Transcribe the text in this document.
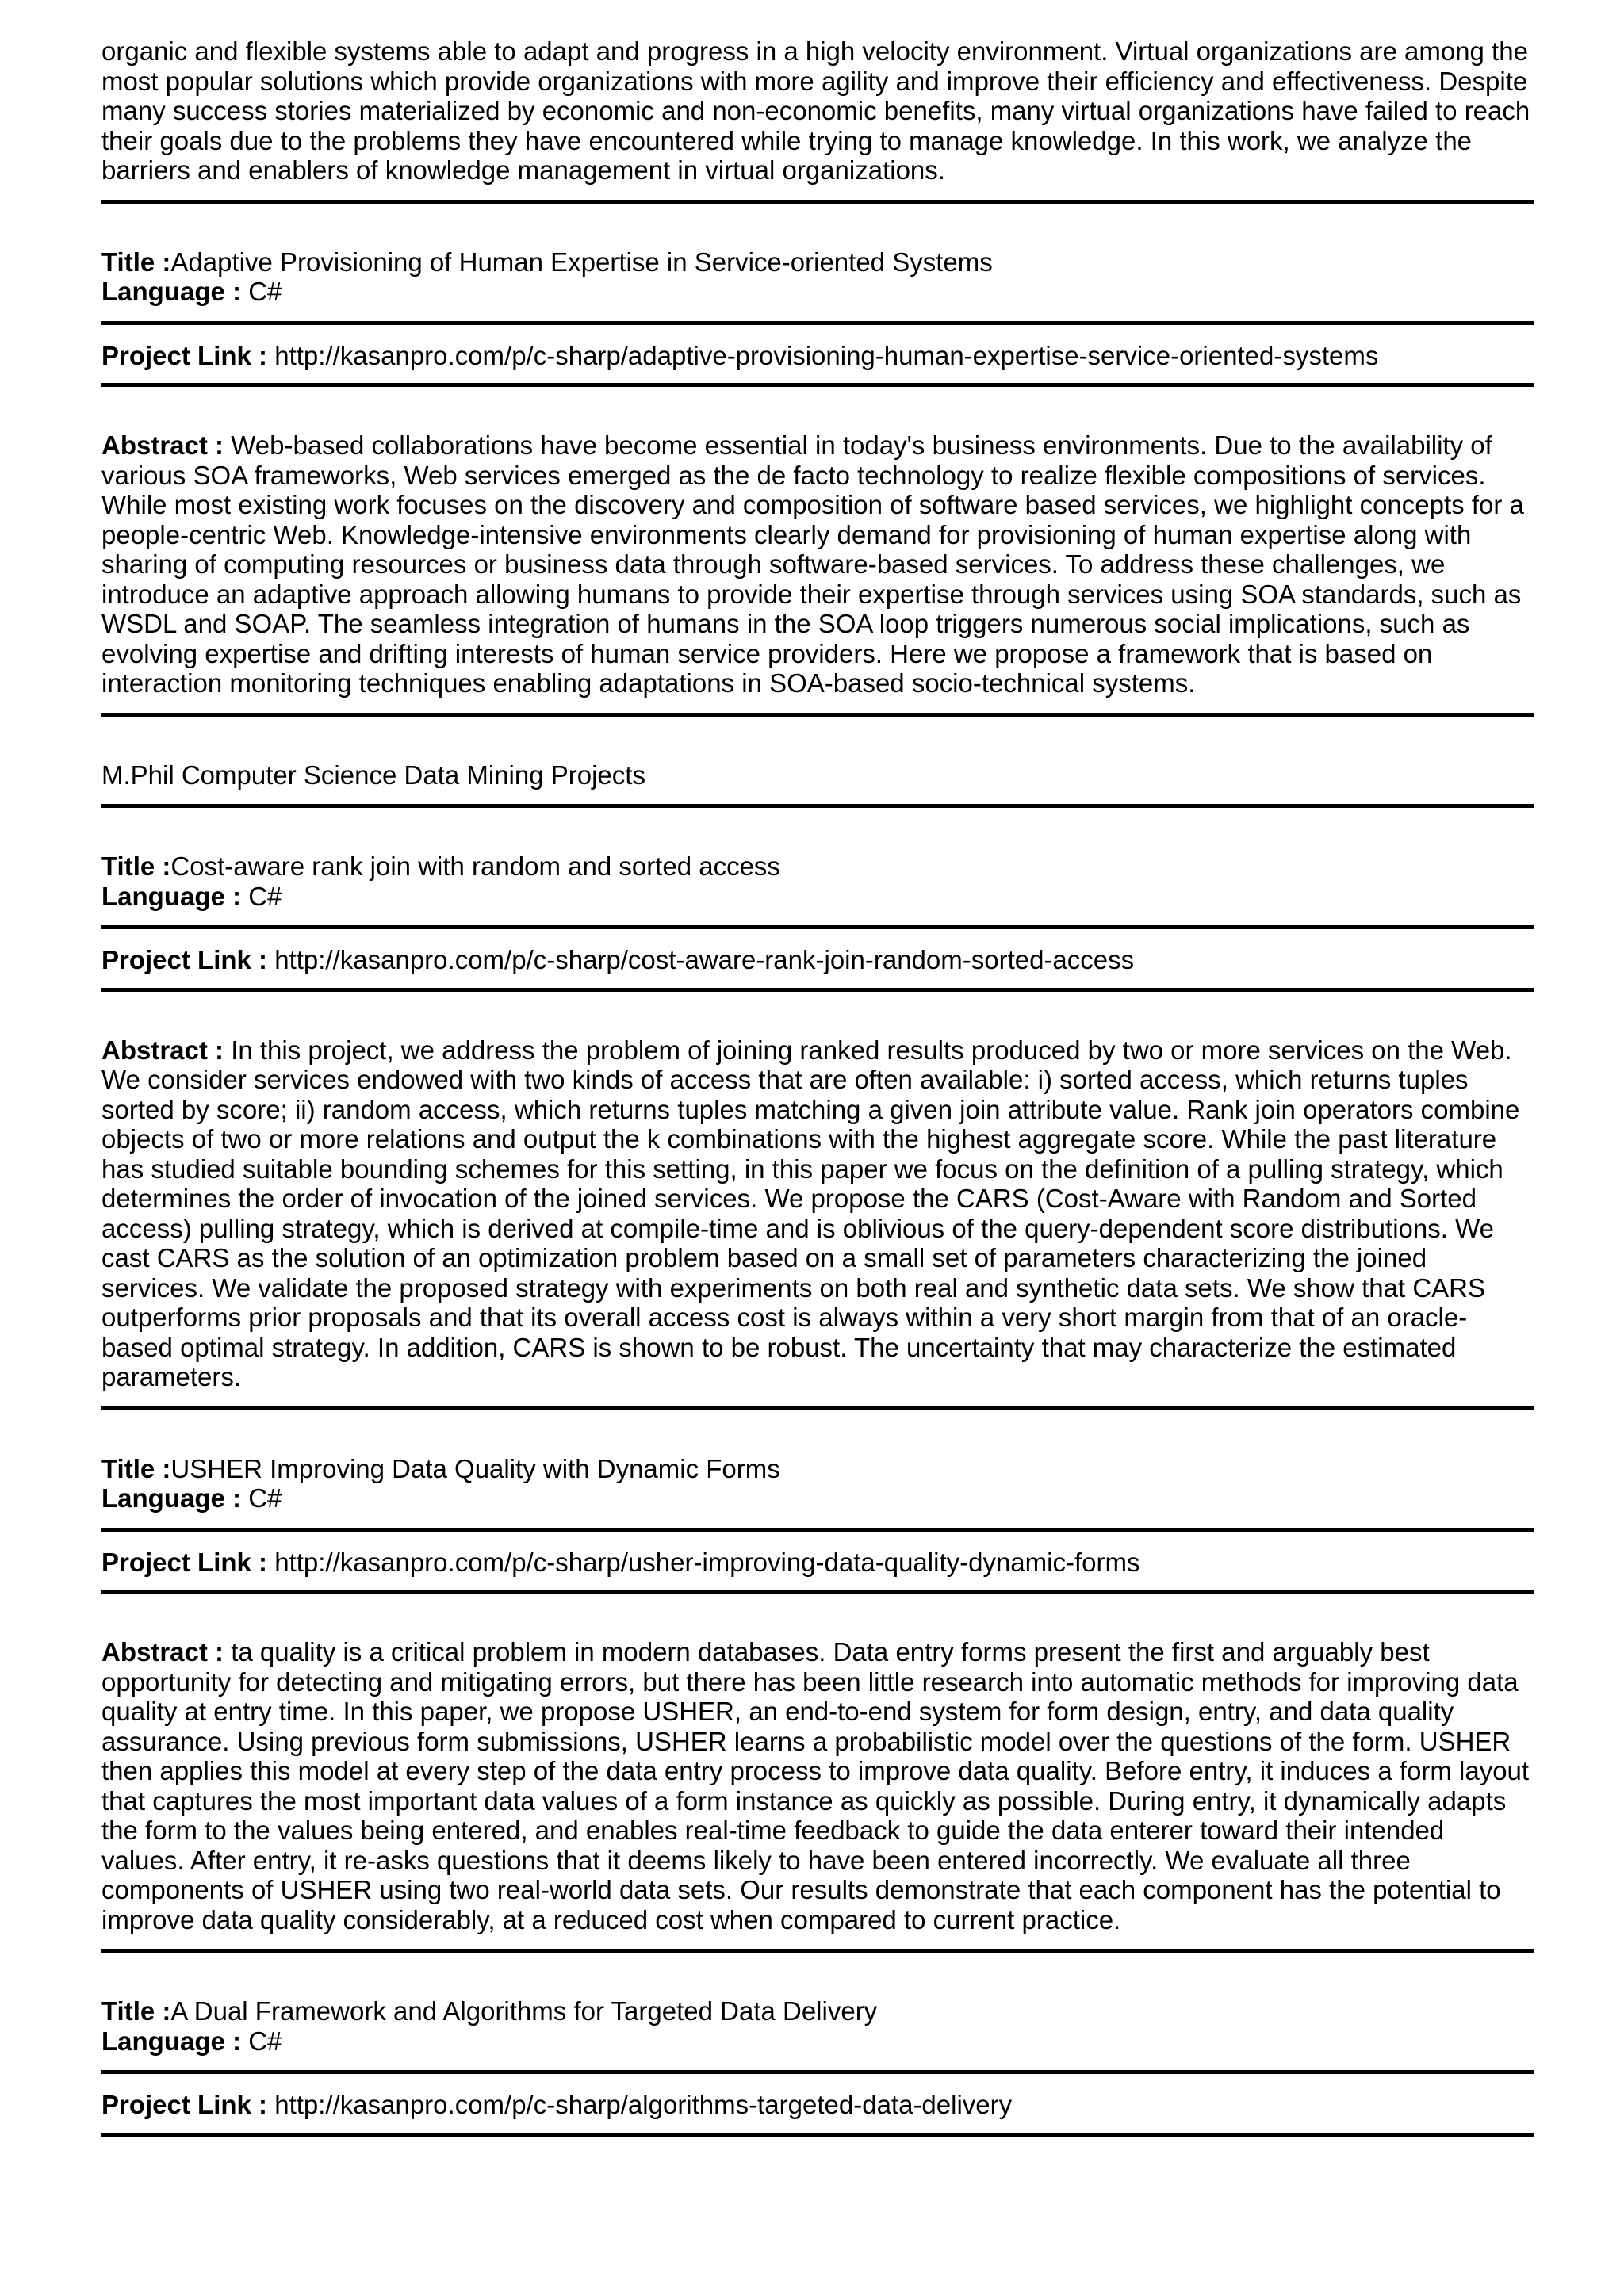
organic and flexible systems able to adapt and progress in a high velocity environment. Virtual organizations are among the most popular solutions which provide organizations with more agility and improve their efficiency and effectiveness. Despite many success stories materialized by economic and non-economic benefits, many virtual organizations have failed to reach their goals due to the problems they have encountered while trying to manage knowledge. In this work, we analyze the barriers and enablers of knowledge management in virtual organizations.

Title :Adaptive Provisioning of Human Expertise in Service-oriented Systems

Language : C#

Project Link : http://kasanpro.com/p/c-sharp/adaptive-provisioning-human-expertise-service-oriented-systems

Abstract : Web-based collaborations have become essential in today's business environments. Due to the availability of various SOA frameworks, Web services emerged as the de facto technology to realize flexible compositions of services. While most existing work focuses on the discovery and composition of software based services, we highlight concepts for a people-centric Web. Knowledge-intensive environments clearly demand for provisioning of human expertise along with sharing of computing resources or business data through software-based services. To address these challenges, we introduce an adaptive approach allowing humans to provide their expertise through services using SOA standards, such as WSDL and SOAP. The seamless integration of humans in the SOA loop triggers numerous social implications, such as evolving expertise and drifting interests of human service providers. Here we propose a framework that is based on interaction monitoring techniques enabling adaptations in SOA-based socio-technical systems.

M.Phil Computer Science Data Mining Projects

Title :Cost-aware rank join with random and sorted access

Language : C#

Project Link : http://kasanpro.com/p/c-sharp/cost-aware-rank-join-random-sorted-access

Abstract : In this project, we address the problem of joining ranked results produced by two or more services on the Web. We consider services endowed with two kinds of access that are often available: i) sorted access, which returns tuples sorted by score; ii) random access, which returns tuples matching a given join attribute value. Rank join operators combine objects of two or more relations and output the k combinations with the highest aggregate score. While the past literature has studied suitable bounding schemes for this setting, in this paper we focus on the definition of a pulling strategy, which determines the order of invocation of the joined services. We propose the CARS (Cost-Aware with Random and Sorted access) pulling strategy, which is derived at compile-time and is oblivious of the query-dependent score distributions. We cast CARS as the solution of an optimization problem based on a small set of parameters characterizing the joined services. We validate the proposed strategy with experiments on both real and synthetic data sets. We show that CARS outperforms prior proposals and that its overall access cost is always within a very short margin from that of an oracle-based optimal strategy. In addition, CARS is shown to be robust. The uncertainty that may characterize the estimated parameters.

Title :USHER Improving Data Quality with Dynamic Forms

Language : C#

Project Link : http://kasanpro.com/p/c-sharp/usher-improving-data-quality-dynamic-forms

Abstract : ta quality is a critical problem in modern databases. Data entry forms present the first and arguably best opportunity for detecting and mitigating errors, but there has been little research into automatic methods for improving data quality at entry time. In this paper, we propose USHER, an end-to-end system for form design, entry, and data quality assurance. Using previous form submissions, USHER learns a probabilistic model over the questions of the form. USHER then applies this model at every step of the data entry process to improve data quality. Before entry, it induces a form layout that captures the most important data values of a form instance as quickly as possible. During entry, it dynamically adapts the form to the values being entered, and enables real-time feedback to guide the data enterer toward their intended values. After entry, it re-asks questions that it deems likely to have been entered incorrectly. We evaluate all three components of USHER using two real-world data sets. Our results demonstrate that each component has the potential to improve data quality considerably, at a reduced cost when compared to current practice.

Title :A Dual Framework and Algorithms for Targeted Data Delivery

Language : C#

Project Link : http://kasanpro.com/p/c-sharp/algorithms-targeted-data-delivery
